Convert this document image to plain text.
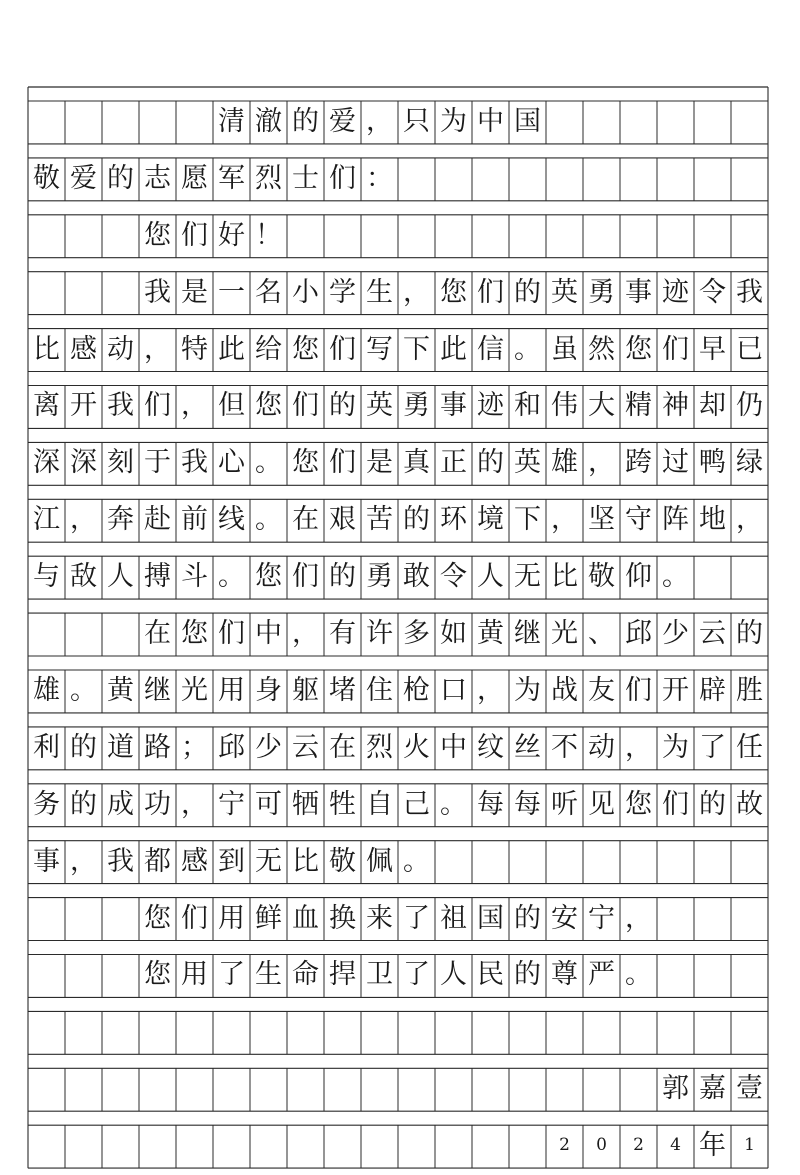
清 澈 的 爱 ， 只 为 中 国
敬 爱 的 志 愿 军 烈 士 们 ：
您 们 好 ！
我 是 一 名 小 学 生 ， 您 们 的 英 勇 事 迹 令 我
比 感 动 ， 特 此 给 您 们 写 下 此 信 。 虽 然 您 们 早 已
离 开 我 们 ， 但 您 们 的 英 勇 事 迹 和 伟 大 精 神 却 仍
深 深 刻 于 我 心 。 您 们 是 真 正 的 英 雄 ， 跨 过 鸭 绿
江 ， 奔 赴 前 线 。 在 艰 苦 的 环 境 下 ， 坚 守 阵 地 ，
与 敌 人 搏 斗 。 您 们 的 勇 敢 令 人 无 比 敬 仰 。
在 您 们 中 ， 有 许 多 如 黄 继 光 、 邱 少 云 的
雄 。 黄 继 光 用 身 躯 堵 住 枪 口 ， 为 战 友 们 开 辟 胜
利 的 道 路 ； 邱 少 云 在 烈 火 中 纹 丝 不 动 ， 为 了 任
务 的 成 功 ， 宁 可 牺 牲 自 己 。 每 每 听 见 您 们 的 故
事 ， 我 都 感 到 无 比 敬 佩 。
您 们 用 鲜 血 换 来 了 祖 国 的 安 宁 ，
您 用 了 生 命 捍 卫 了 人 民 的 尊 严 。
郭 嘉 壹
2	0	2	4 年	1
